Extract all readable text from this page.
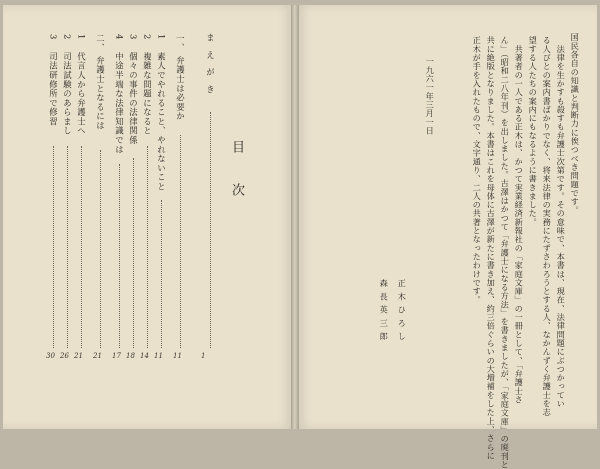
国民各自の知識と判断力に俟つべき問題です。
　法律を生かすも殺すも弁護士次第です。その意味で、本書は、現在、法律問題にぶつかってい
る人びとの案内書ばかりでなく、将来法律の実務にたずさわろうとする人、なかんずく弁護士を志
望する人たちの案内にもなるように書きました。
　共著者の一人である正木は、かつて実業経済新報社の「家庭文庫」の一冊として、「弁護士さ
ん」（昭和二八年刊）を出しました。古澤はかつて「弁護士になる方法」を書きましたが、「家庭文庫」の廃刊と
共に絶版となりました。本書はこれを母体に古澤が新たに書き加え、約三倍ぐらいの大増補をした上、さらに
正木が手を入れたもので、文字通り、二人の共著となったわけです。
一九六一年三月一日
正木ひろし
森長英三郎
目次
まえがき
1
一、
弁護士は必要か
11
1
素人でやれること、やれないこと
11
2
複雑な問題になると
14
3
個々の事件の法律関係
18
4
中途半端な法律知識では
17
二、
弁護士となるには
21
1
代言人から弁護士へ
21
2
司法試験のあらまし
26
3
司法研修所で修習
30
